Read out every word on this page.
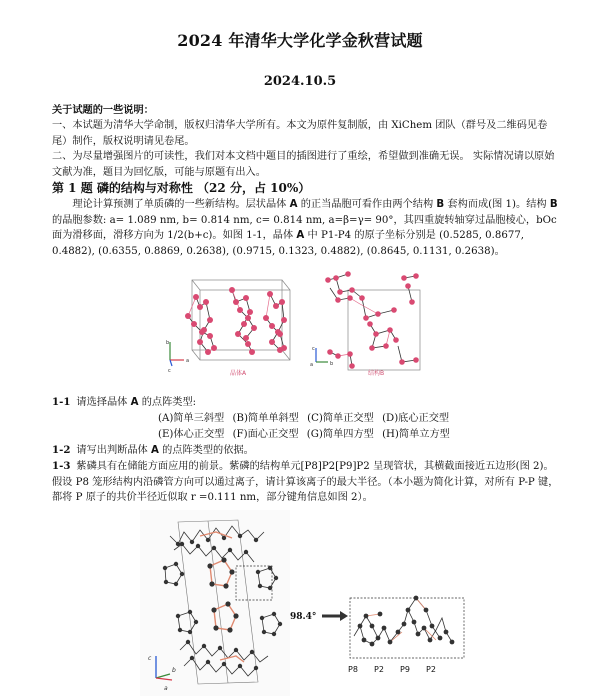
2024 年清华大学化学金秋营试题
2024.10.5

关于试题的一些说明：

一、本试题为清华大学命制，版权归清华大学所有。本文为原件复制版，由 XiChem 团队（群号及二维码见卷尾）制作，版权说明请见卷尾。

二、为尽量增强图片的可读性，我们对本文档中题目的插图进行了重绘，希望做到准确无误。 实际情况请以原始文献为准，题目为回忆版，可能与原题有出入。

第 1 题 磷的结构与对称性 （22 分，占 10%）

理论计算预测了单质磷的一些新结构。层状晶体 A 的正当晶胞可看作由两个结构 B 套构而成(图 1)。结构 B 的晶胞参数: a= 1.089 nm, b= 0.814 nm, c= 0.814 nm, a=β=γ= 90°，其四重旋转轴穿过晶胞棱心，bOc 面为滑移面，滑移方向为 1/2(b+c)。如图 1-1，晶体 A 中 P1-P4 的原子坐标分别是 (0.5285, 0.8677, 0.4882), (0.6355, 0.8869, 0.2638), (0.9715, 0.1323, 0.4882), (0.8645, 0.1131, 0.2638)。

b
c
a
c
a	b
晶体A	结构B
1-1 请选择晶体 A 的点阵类型:
(A)简单三斜型 (B)简单单斜型 (C)简单正交型 (D)底心正交型
(E)体心正交型 (F)面心正交型 (G)简单四方型 (H)简单立方型
1-2 请写出判断晶体 A 的点阵类型的依据。
1-3 紫磷具有在储能方面应用的前景。紫磷的结构单元[P8]P2[P9]P2 呈现管状，其横截面接近五边形(图 2)。假设 P8 笼形结构内沿磷管方向可以通过离子，请计算该离子的最大半径。（本小题为简化计算，对所有 P-P 键，都将 P 原子的共价半径近似取 r =0.111 nm，部分键角信息如图 2）。
c
b
a
98.4°
P8 P2 P9 P2
